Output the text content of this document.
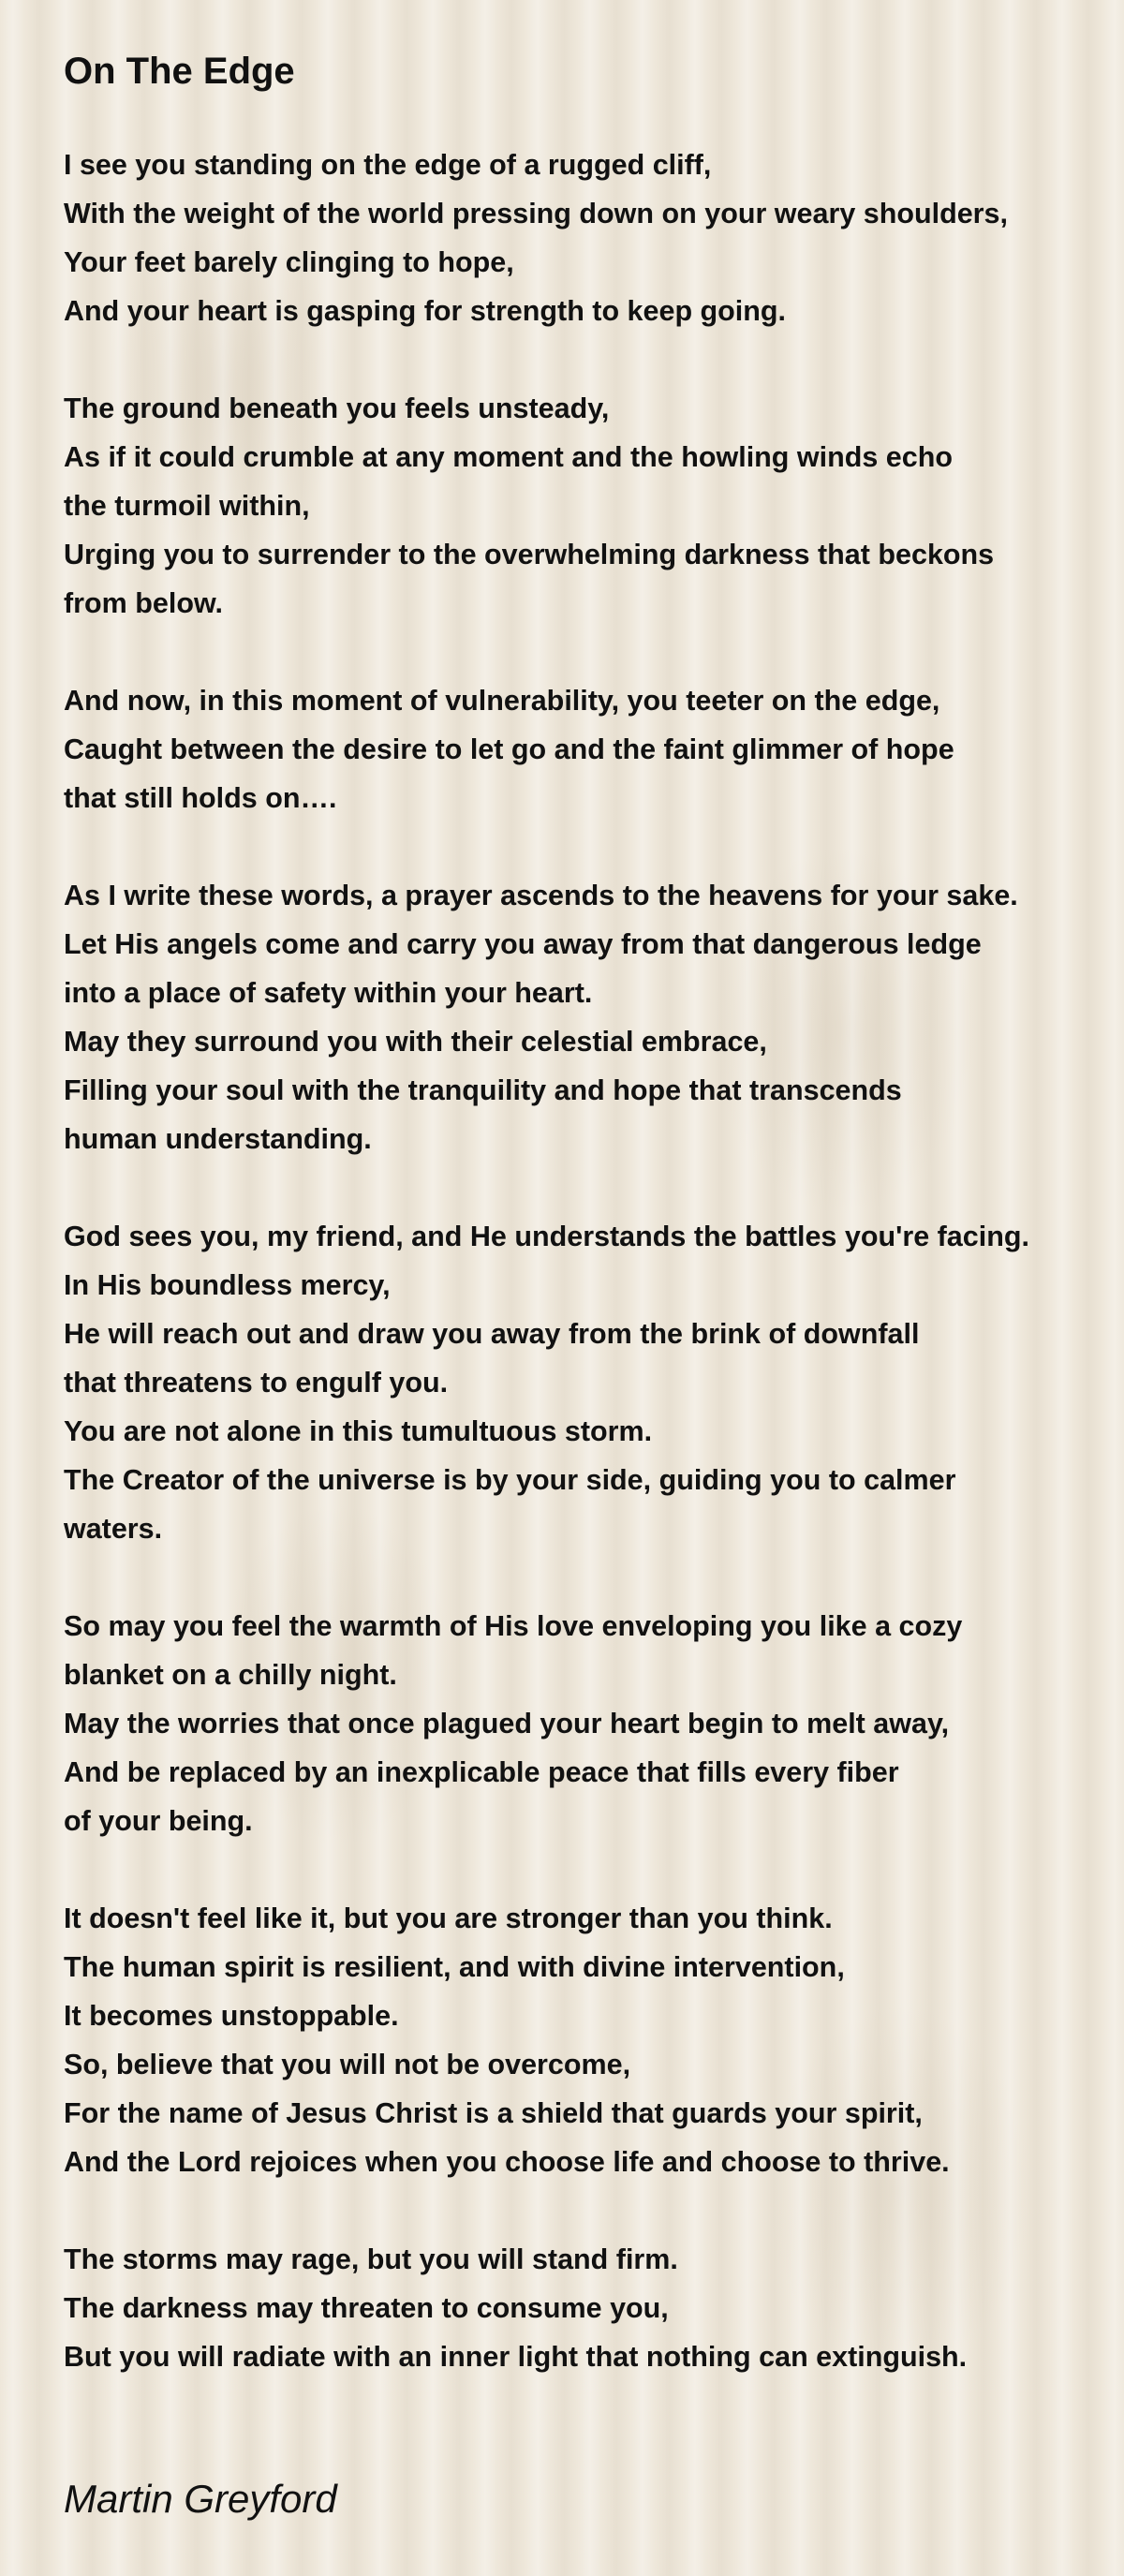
On The Edge
I see you standing on the edge of a rugged cliff,
With the weight of the world pressing down on your weary shoulders,
Your feet barely clinging to hope,
And your heart is gasping for strength to keep going.
The ground beneath you feels unsteady,
As if it could crumble at any moment and the howling winds echo
the turmoil within,
Urging you to surrender to the overwhelming darkness that beckons
from below.
And now, in this moment of vulnerability, you teeter on the edge,
Caught between the desire to let go and the faint glimmer of hope
that still holds on….
As I write these words, a prayer ascends to the heavens for your sake.
Let His angels come and carry you away from that dangerous ledge
into a place of safety within your heart.
May they surround you with their celestial embrace,
Filling your soul with the tranquility and hope that transcends
human understanding.
God sees you, my friend, and He understands the battles you're facing.
In His boundless mercy,
He will reach out and draw you away from the brink of downfall
that threatens to engulf you.
You are not alone in this tumultuous storm.
The Creator of the universe is by your side, guiding you to calmer
waters.
So may you feel the warmth of His love enveloping you like a cozy
blanket on a chilly night.
May the worries that once plagued your heart begin to melt away,
And be replaced by an inexplicable peace that fills every fiber
of your being.
It doesn't feel like it, but you are stronger than you think.
The human spirit is resilient, and with divine intervention,
It becomes unstoppable.
So, believe that you will not be overcome,
For the name of Jesus Christ is a shield that guards your spirit,
And the Lord rejoices when you choose life and choose to thrive.
The storms may rage, but you will stand firm.
The darkness may threaten to consume you,
But you will radiate with an inner light that nothing can extinguish.

Martin Greyford
